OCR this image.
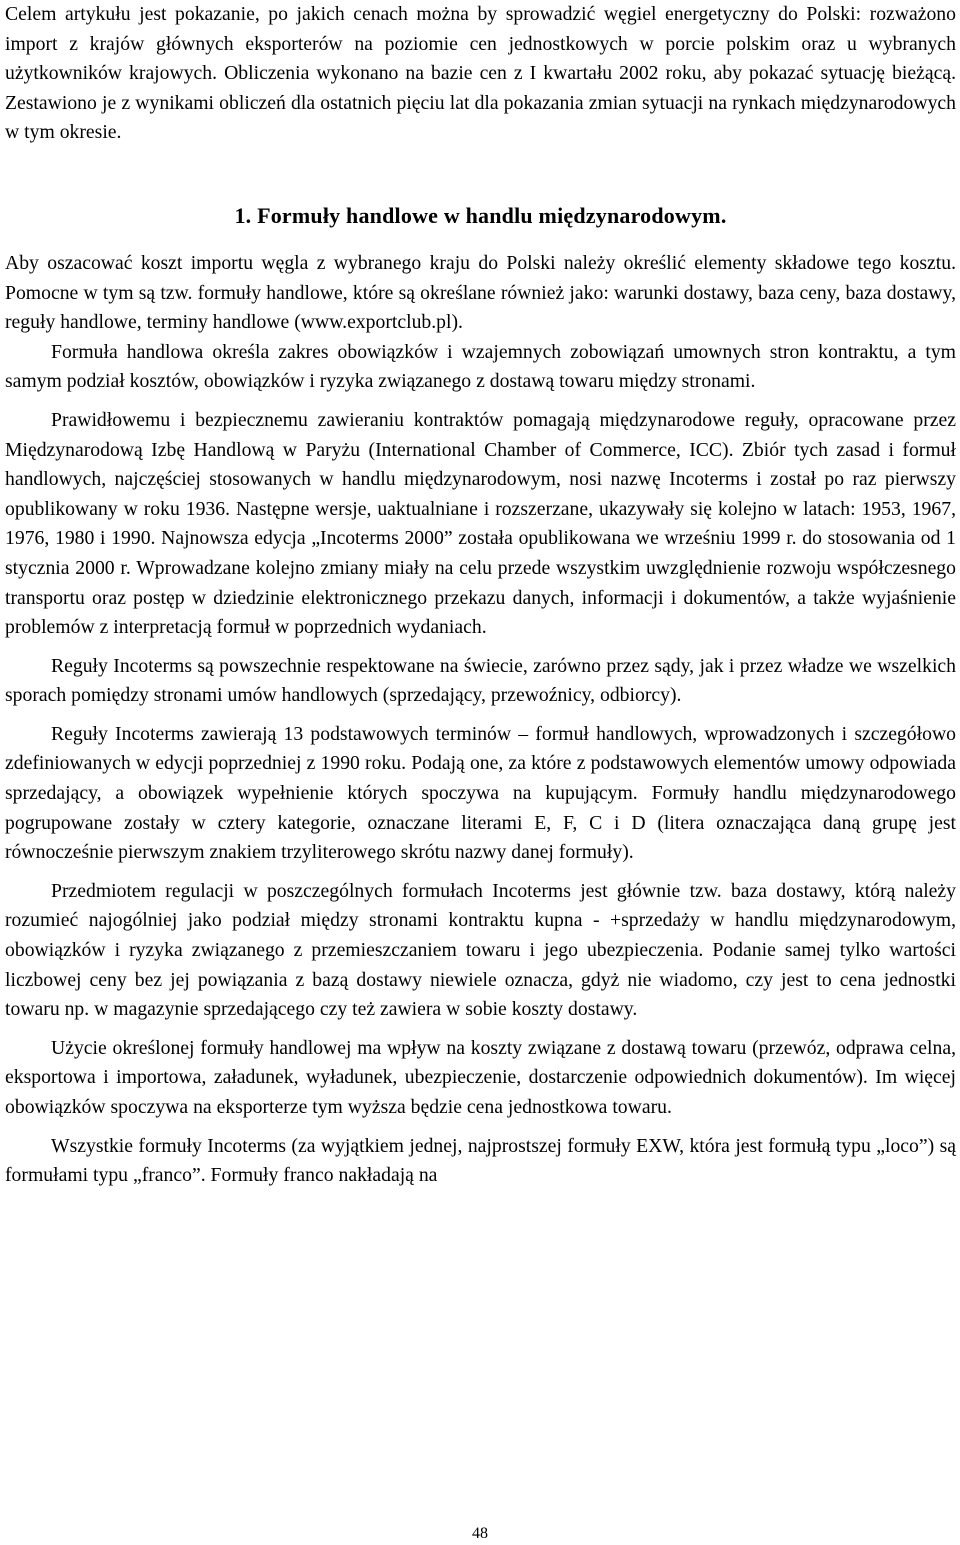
Celem artykułu jest pokazanie, po jakich cenach można by sprowadzić węgiel energetyczny do Polski: rozważono import z krajów głównych eksporterów na poziomie cen jednostkowych w porcie polskim oraz u wybranych użytkowników krajowych. Obliczenia wykonano na bazie cen z I kwartału 2002 roku, aby pokazać sytuację bieżącą. Zestawiono je z wynikami obliczeń dla ostatnich pięciu lat dla pokazania zmian sytuacji na rynkach międzynarodowych w tym okresie.

1. Formuły handlowe w handlu międzynarodowym.

Aby oszacować koszt importu węgla z wybranego kraju do Polski należy określić elementy składowe tego kosztu. Pomocne w tym są tzw. formuły handlowe, które są określane również jako: warunki dostawy, baza ceny, baza dostawy, reguły handlowe, terminy handlowe (www.exportclub.pl).

Formuła handlowa określa zakres obowiązków i wzajemnych zobowiązań umownych stron kontraktu, a tym samym podział kosztów, obowiązków i ryzyka związanego z dostawą towaru między stronami.

Prawidłowemu i bezpiecznemu zawieraniu kontraktów pomagają międzynarodowe reguły, opracowane przez Międzynarodową Izbę Handlową w Paryżu (International Chamber of Commerce, ICC). Zbiór tych zasad i formuł handlowych, najczęściej stosowanych w handlu międzynarodowym, nosi nazwę Incoterms i został po raz pierwszy opublikowany w roku 1936. Następne wersje, uaktualniane i rozszerzane, ukazywały się kolejno w latach: 1953, 1967, 1976, 1980 i 1990. Najnowsza edycja „Incoterms 2000” została opublikowana we wrześniu 1999 r. do stosowania od 1 stycznia 2000 r. Wprowadzane kolejno zmiany miały na celu przede wszystkim uwzględnienie rozwoju współczesnego transportu oraz postęp w dziedzinie elektronicznego przekazu danych, informacji i dokumentów, a także wyjaśnienie problemów z interpretacją formuł w poprzednich wydaniach.

Reguły Incoterms są powszechnie respektowane na świecie, zarówno przez sądy, jak i przez władze we wszelkich sporach pomiędzy stronami umów handlowych (sprzedający, przewoźnicy, odbiorcy).

Reguły Incoterms zawierają 13 podstawowych terminów – formuł handlowych, wprowadzonych i szczegółowo zdefiniowanych w edycji poprzedniej z 1990 roku. Podają one, za które z podstawowych elementów umowy odpowiada sprzedający, a obowiązek wypełnienie których spoczywa na kupującym. Formuły handlu międzynarodowego pogrupowane zostały w cztery kategorie, oznaczane literami E, F, C i D (litera oznaczająca daną grupę jest równocześnie pierwszym znakiem trzyliterowego skrótu nazwy danej formuły).

Przedmiotem regulacji w poszczególnych formułach Incoterms jest głównie tzw. baza dostawy, którą należy rozumieć najogólniej jako podział między stronami kontraktu kupna - +sprzedaży w handlu międzynarodowym, obowiązków i ryzyka związanego z przemieszczaniem towaru i jego ubezpieczenia. Podanie samej tylko wartości liczbowej ceny bez jej powiązania z bazą dostawy niewiele oznacza, gdyż nie wiadomo, czy jest to cena jednostki towaru np. w magazynie sprzedającego czy też zawiera w sobie koszty dostawy.

Użycie określonej formuły handlowej ma wpływ na koszty związane z dostawą towaru (przewóz, odprawa celna, eksportowa i importowa, załadunek, wyładunek, ubezpieczenie, dostarczenie odpowiednich dokumentów). Im więcej obowiązków spoczywa na eksporterze tym wyższa będzie cena jednostkowa towaru.

Wszystkie formuły Incoterms (za wyjątkiem jednej, najprostszej formuły EXW, która jest formułą typu „loco”) są formułami typu „franco”. Formuły franco nakładają na

48
